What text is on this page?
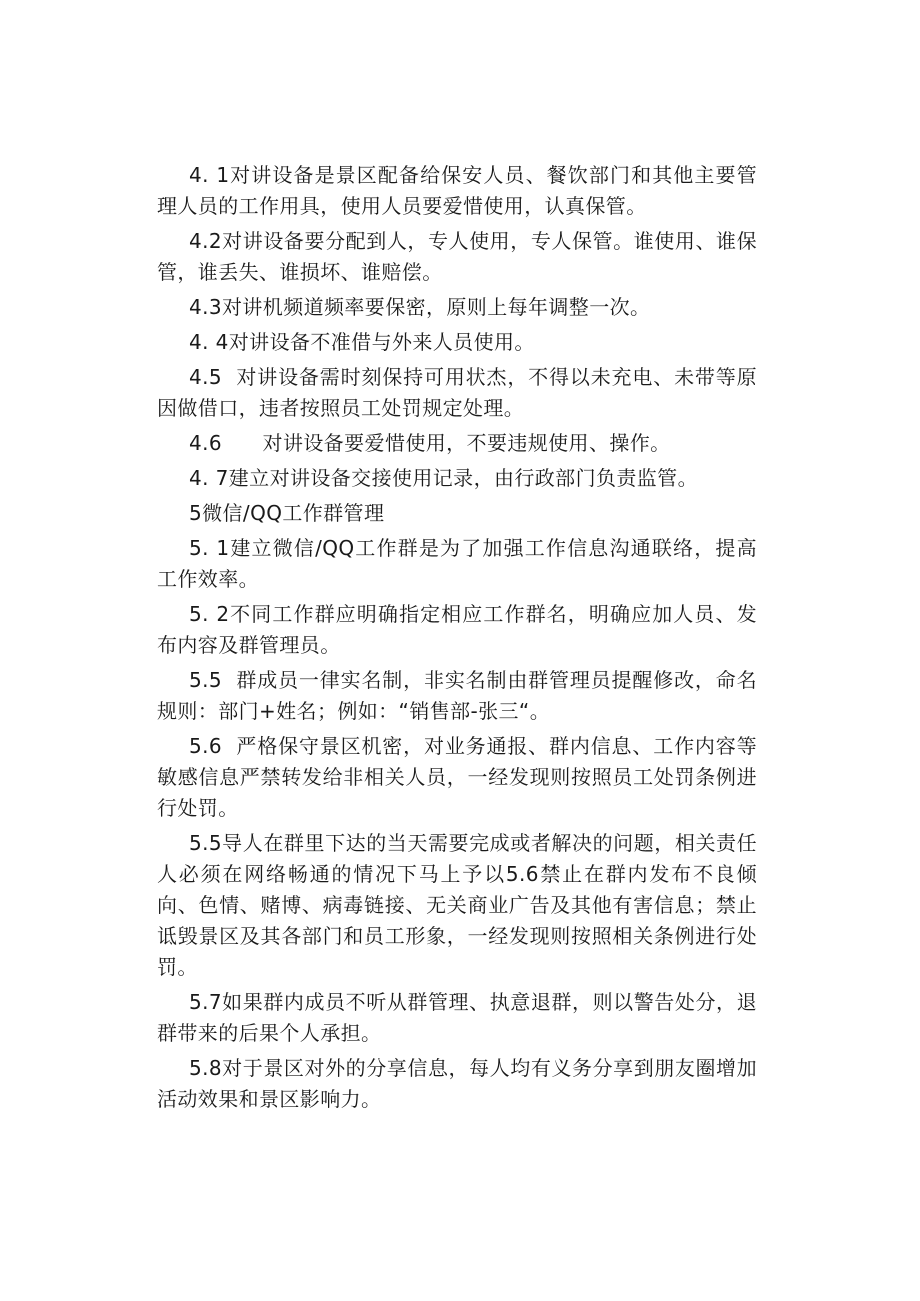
4. 1对讲设备是景区配备给保安人员、餐饮部门和其他主要管理人员的工作用具，使用人员要爱惜使用，认真保管。

4.2对讲设备要分配到人，专人使用，专人保管。谁使用、谁保管，谁丢失、谁损坏、谁赔偿。

4.3对讲机频道频率要保密，原则上每年调整一次。

4. 4对讲设备不准借与外来人员使用。

4.5  对讲设备需时刻保持可用状杰，不得以未充电、未带等原因做借口，违者按照员工处罚规定处理。

4.6      对讲设备要爱惜使用，不要违规使用、操作。

4. 7建立对讲设备交接使用记录，由行政部门负责监管。

5微信/QQ工作群管理

5. 1建立微信/QQ工作群是为了加强工作信息沟通联络，提高工作效率。

5. 2不同工作群应明确指定相应工作群名，明确应加人员、发布内容及群管理员。

5.5  群成员一律实名制，非实名制由群管理员提醒修改，命名规则：部门+姓名；例如：“销售部-张三“。

5.6  严格保守景区机密，对业务通报、群内信息、工作内容等敏感信息严禁转发给非相关人员，一经发现则按照员工处罚条例进行处罚。

5.5导人在群里下达的当天需要完成或者解决的问题，相关责任人必须在网络畅通的情况下马上予以5.6禁止在群内发布不良倾向、色情、赌博、病毒链接、无关商业广告及其他有害信息；禁止诋毁景区及其各部门和员工形象，一经发现则按照相关条例进行处罚。

5.7如果群内成员不听从群管理、执意退群，则以警告处分，退群带来的后果个人承担。

5.8对于景区对外的分享信息，每人均有义务分享到朋友圈增加活动效果和景区影响力。
